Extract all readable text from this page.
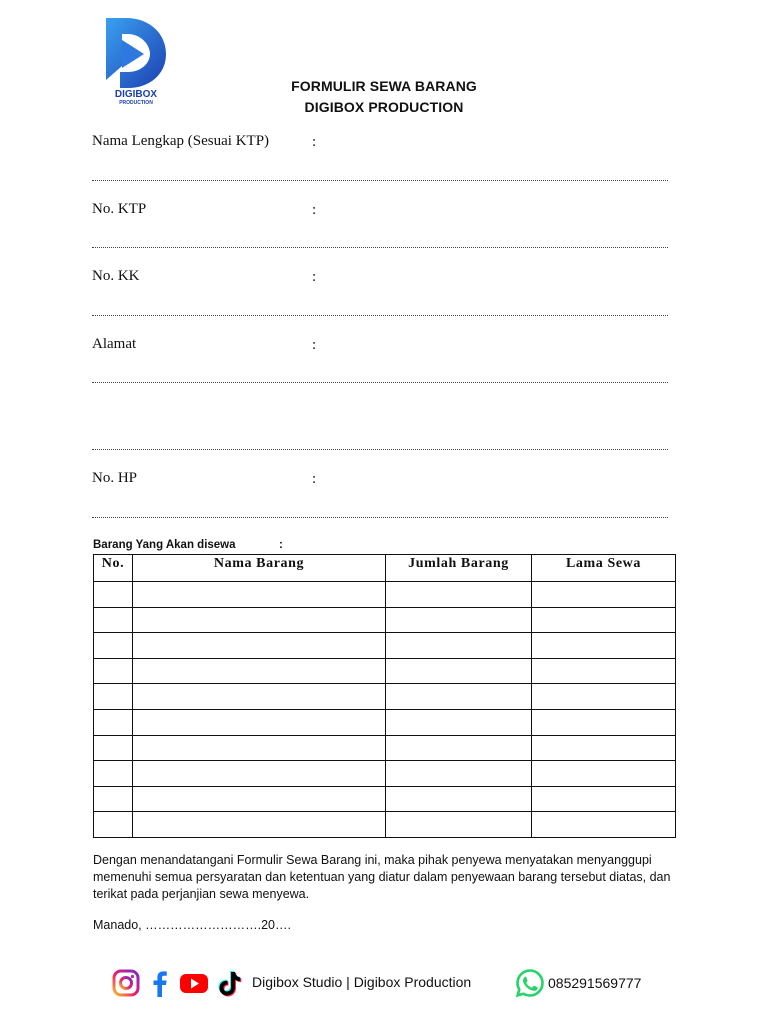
DIGIBOX
PRODUCTION
FORMULIR SEWA BARANG
DIGIBOX PRODUCTION
Nama Lengkap (Sesuai KTP)	:
No. KTP	:
No. KK	:
Alamat	:
No. HP	:
Barang Yang Akan disewa	:
No.	Nama Barang	Jumlah Barang	Lama Sewa

Dengan menandatangani Formulir Sewa Barang ini, maka pihak penyewa menyatakan menyanggupi memenuhi semua persyaratan dan ketentuan yang diatur dalam penyewaan barang tersebut diatas, dan terikat pada perjanjian sewa menyewa.
Manado, ……………………….20….
Digibox Studio | Digibox Production	085291569777
